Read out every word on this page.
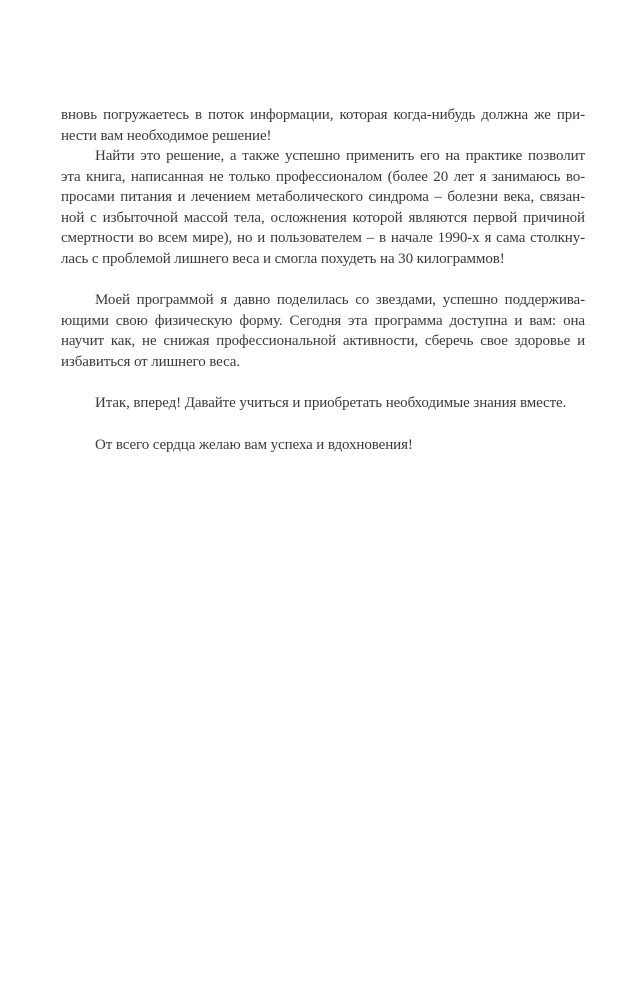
вновь погружаетесь в поток информации, которая когда-нибудь должна же при-
нести вам необходимое решение!
Найти это решение, а также успешно применить его на практике позволит
эта книга, написанная не только профессионалом (более 20 лет я занимаюсь во-
просами питания и лечением метаболического синдрома – болезни века, связан-
ной с избыточной массой тела, осложнения которой являются первой причиной
смертности во всем мире), но и пользователем – в начале 1990-х я сама столкну-
лась с проблемой лишнего веса и смогла похудеть на 30 килограммов!
Моей программой я давно поделилась со звездами, успешно поддержива-
ющими свою физическую форму. Сегодня эта программа доступна и вам: она
научит как, не снижая профессиональной активности, сберечь свое здоровье и
избавиться от лишнего веса.
Итак, вперед! Давайте учиться и приобретать необходимые знания вместе.
От всего сердца желаю вам успеха и вдохновения!
